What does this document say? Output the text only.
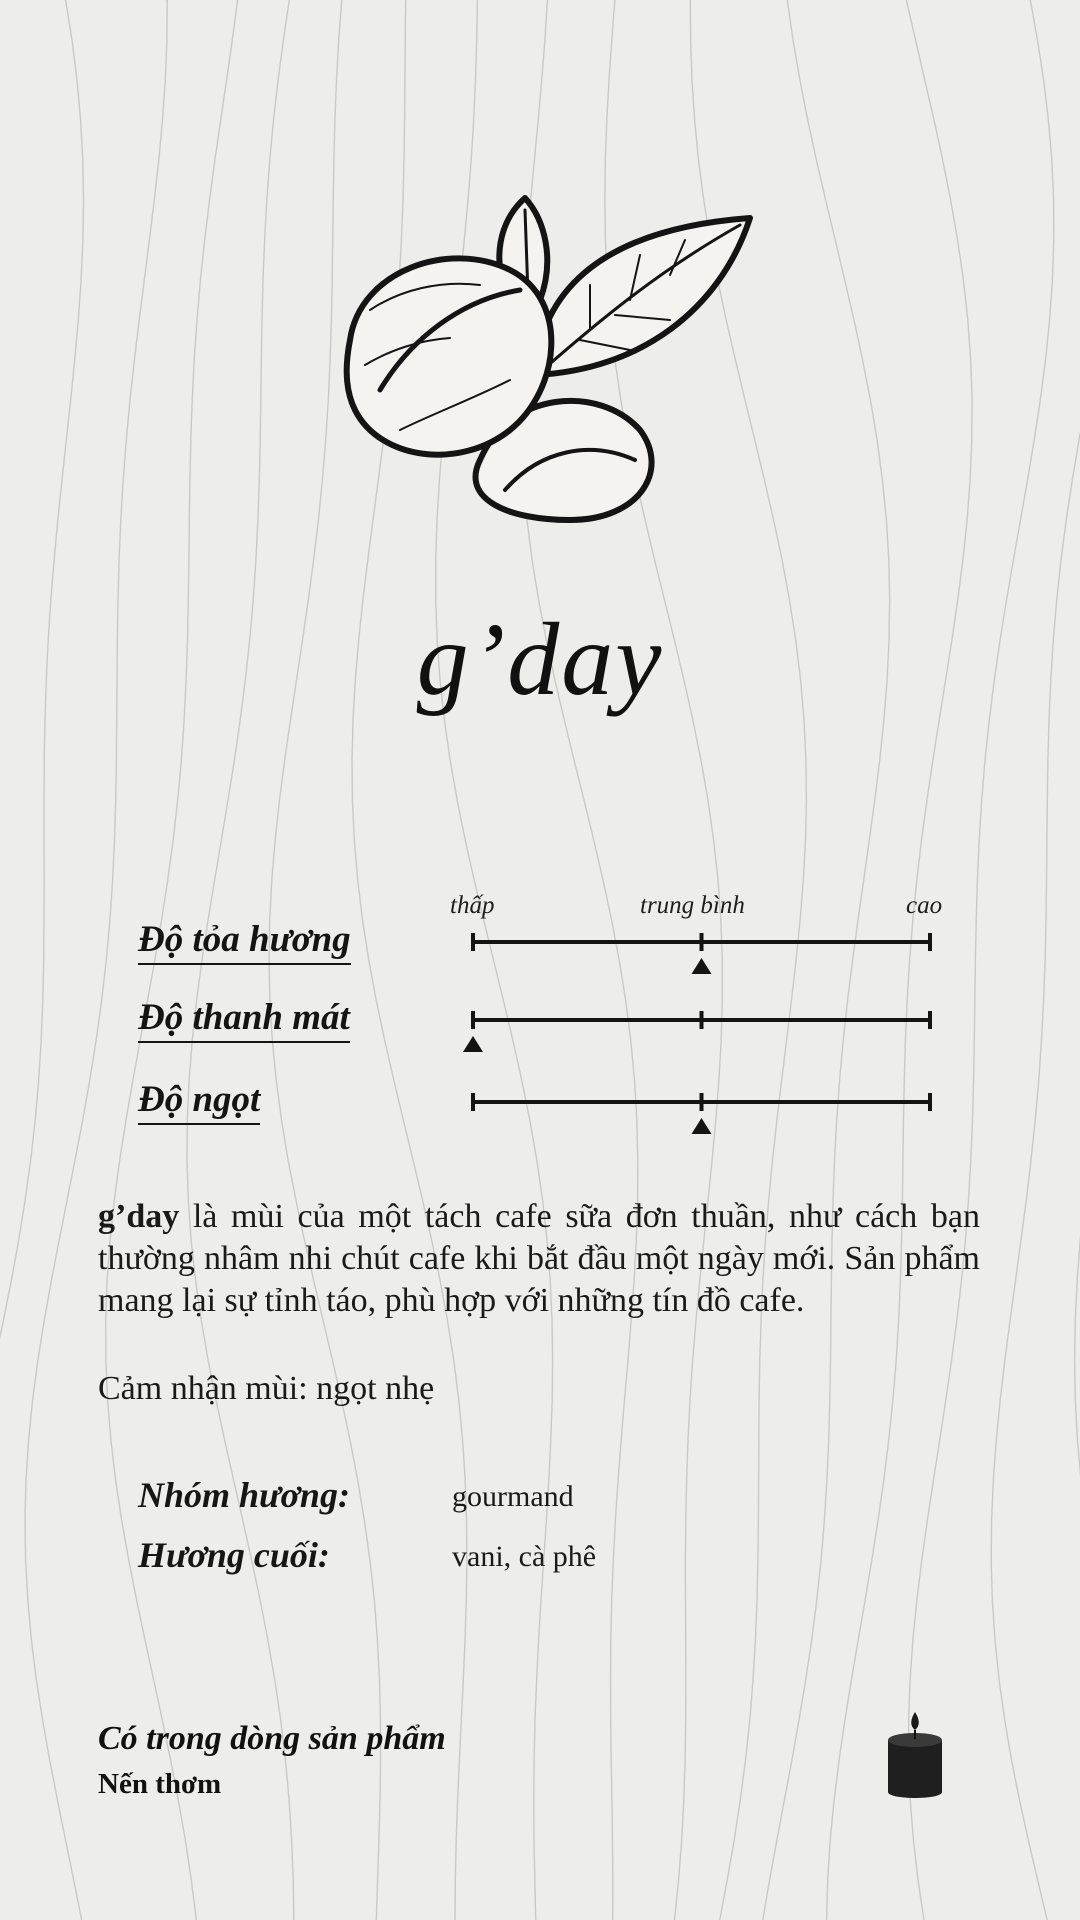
g’day
thấp	trung bình	cao
Độ tỏa hương
Độ thanh mát
Độ ngọt
g’day là mùi của một tách cafe sữa đơn thuần, như cách bạn thường nhâm nhi chút cafe khi bắt đầu một ngày mới. Sản phẩm mang lại sự tỉnh táo, phù hợp với những tín đồ cafe.
Cảm nhận mùi: ngọt nhẹ
Nhóm hương:	gourmand
Hương cuối:	vani, cà phê
Có trong dòng sản phẩm
Nến thơm
